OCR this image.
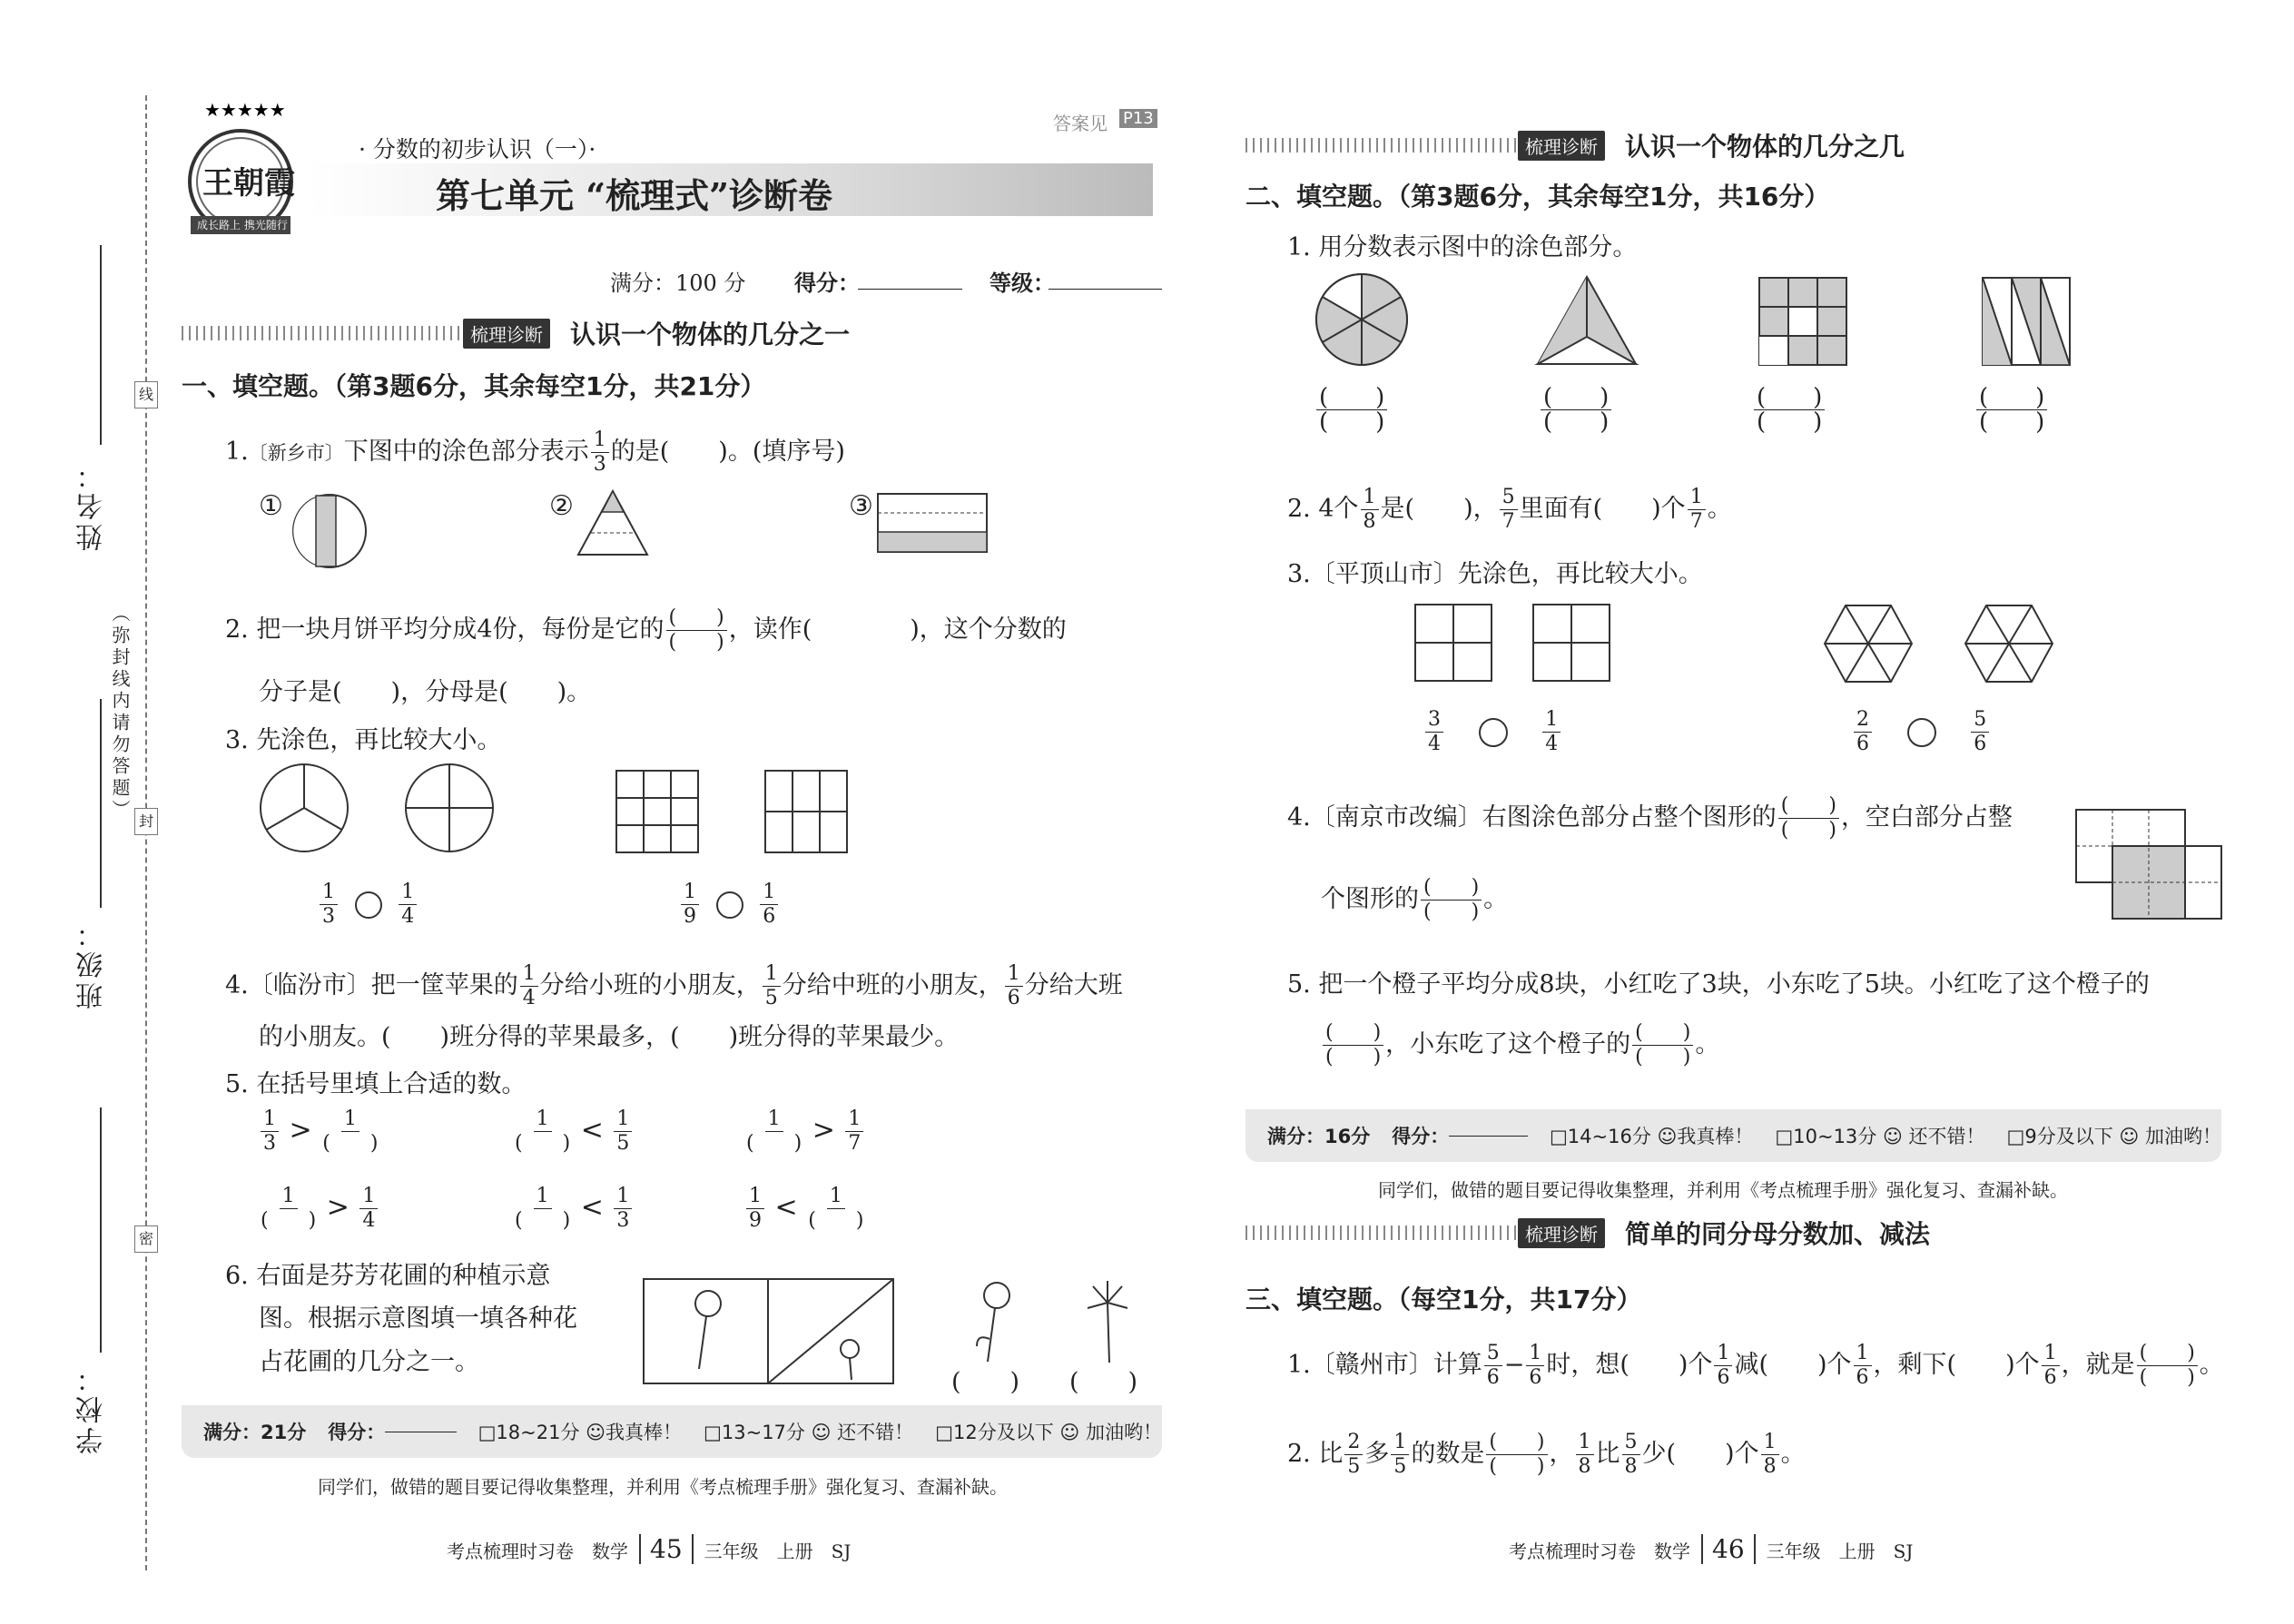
线
封
密
（弥封线内请勿答题）
姓名：
班级：
学校：
★★★★★
王朝霞
成长路上 携光随行
答案见 P13
· 分数的初步认识（一）·
第七单元 “梳理式”诊断卷
满分：100 分 得分：	等级：
梳理诊断 认识一个物体的几分之一
一、填空题。（第3题6分，其余每空1分，共21分）
1.〔新乡市〕下图中的涂色部分表示 $\frac{1}{3}$ 的是(　　)。(填序号)
①	②	③
2. 把一块月饼平均分成4份，每份是它的 $\frac{( )}{( )}$ ，读作(　　　　)，这个分数的
分子是(　　)，分母是(　　)。
3. 先涂色，再比较大小。
$\frac{1}{3}$
	$\frac{1}{4}$	$\frac{1}{9}$
	$\frac{1}{6}$
4.〔临汾市〕把一筐苹果的 $\frac{1}{4}$ 分给小班的小朋友， $\frac{1}{5}$ 分给中班的小朋友， $\frac{1}{6}$ 分给大班
的小朋友。(　　)班分得的苹果最多，(　　)班分得的苹果最少。
5. 在括号里填上合适的数。
$\frac{1}{3} > \frac{1}{( )}$	$\frac{1}{( )} < \frac{1}{5}$	$\frac{1}{( )} > \frac{1}{7}$
$\frac{1}{( )} > \frac{1}{4}$	$\frac{1}{( )} < \frac{1}{3}$	$\frac{1}{9} < \frac{1}{( )}$
6. 右面是芬芳花圃的种植示意
图。根据示意图填一填各种花
占花圃的几分之一。
(　　) (　　)
满分：21分 得分：	□18~21分 ☺我真棒！ □13~17分 ☺ 还不错！ □12分及以下 ☺ 加油哟！
同学们，做错的题目要记得收集整理，并利用《考点梳理手册》强化复习、查漏补缺。
考点梳理时习卷　数学 45 三年级　上册　SJ
梳理诊断 认识一个物体的几分之几
二、填空题。（第3题6分，其余每空1分，共16分）
1. 用分数表示图中的涂色部分。
$\frac{( )}{( )}$	$\frac{( )}{( )}$	$\frac{( )}{( )}$	$\frac{( )}{( )}$
2. 4个 $\frac{1}{8}$ 是(　　)， $\frac{5}{7}$ 里面有(　　)个 $\frac{1}{7}$ 。
3.〔平顶山市〕先涂色，再比较大小。
$\frac{3}{4}$
	$\frac{1}{4}$	$\frac{2}{6}$
	$\frac{5}{6}$
4.〔南京市改编〕右图涂色部分占整个图形的 $\frac{( )}{( )}$ ，空白部分占整
个图形的 $\frac{( )}{( )}$ 。
5. 把一个橙子平均分成8块，小红吃了3块，小东吃了5块。小红吃了这个橙子的
$\frac{( )}{( )}$ ，小东吃了这个橙子的 $\frac{( )}{( )}$ 。
满分：16分 得分：	□14~16分 ☺我真棒！ □10~13分 ☺ 还不错！ □9分及以下 ☺ 加油哟！
同学们，做错的题目要记得收集整理，并利用《考点梳理手册》强化复习、查漏补缺。
梳理诊断 简单的同分母分数加、减法
三、填空题。（每空1分，共17分）
1.〔赣州市〕计算 $\frac{5}{6} - \frac{1}{6}$ 时，想(　　)个 $\frac{1}{6}$ 减(　　)个 $\frac{1}{6}$ ，剩下(　　)个 $\frac{1}{6}$ ，就是 $\frac{( )}{( )}$ 。
2. 比 $\frac{2}{5}$ 多 $\frac{1}{5}$ 的数是 $\frac{( )}{( )}$ ， $\frac{1}{8}$ 比 $\frac{5}{8}$ 少(　　)个 $\frac{1}{8}$ 。
考点梳理时习卷　数学 46 三年级　上册　SJ
